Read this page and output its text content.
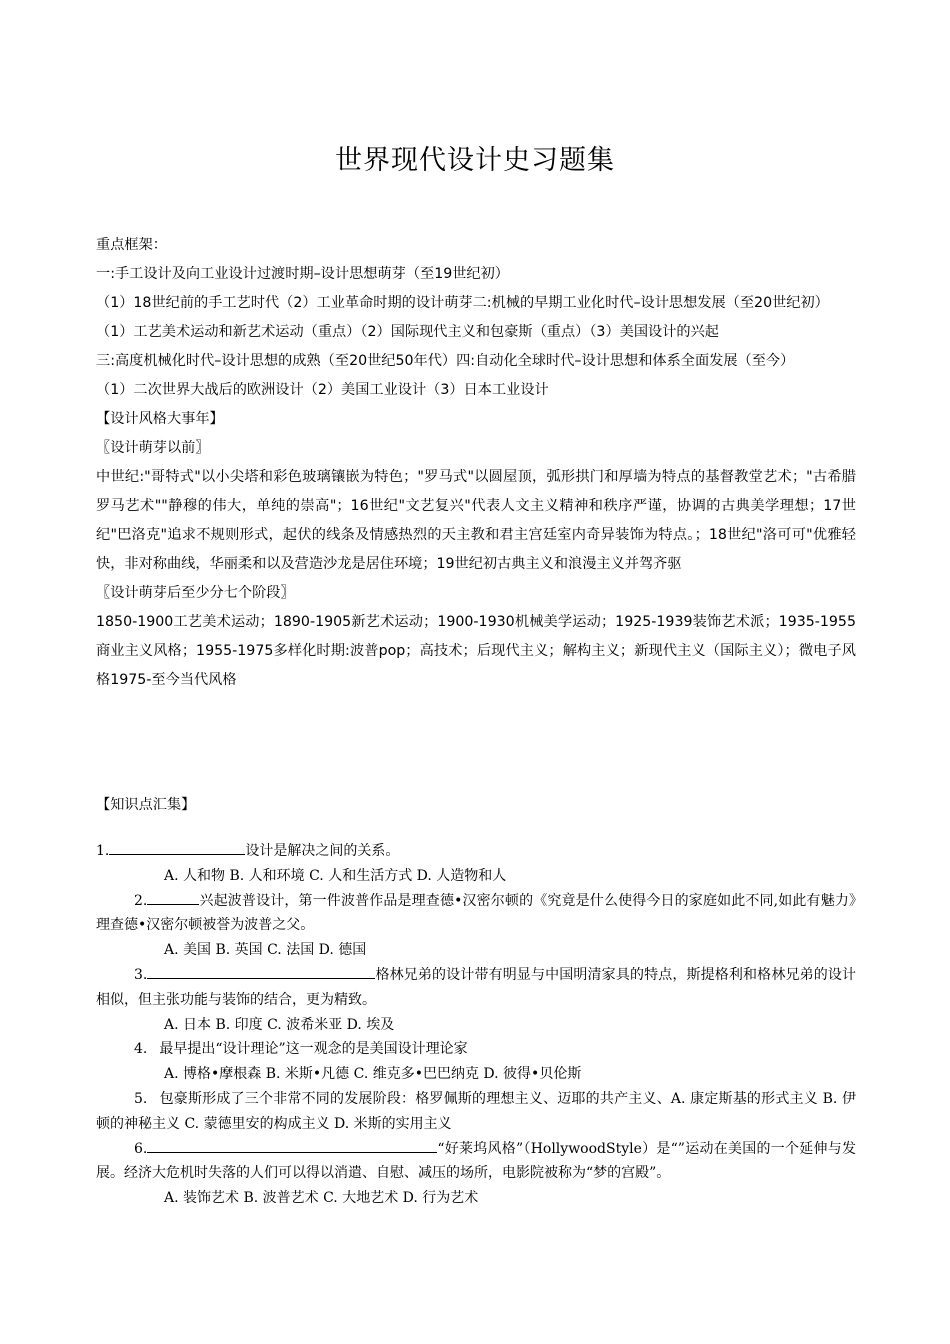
世界现代设计史习题集

重点框架：

一:手工设计及向工业设计过渡时期–设计思想萌芽（至19世纪初）

（1）18世纪前的手工艺时代（2）工业革命时期的设计萌芽二:机械的早期工业化时代–设计思想发展（至20世纪初）

（1）工艺美术运动和新艺术运动（重点）（2）国际现代主义和包豪斯（重点）（3）美国设计的兴起

三:高度机械化时代–设计思想的成熟（至20世纪50年代）四:自动化全球时代–设计思想和体系全面发展（至今）

（1）二次世界大战后的欧洲设计（2）美国工业设计（3）日本工业设计

【设计风格大事年】

〖设计萌芽以前〗

中世纪:"哥特式"以小尖塔和彩色玻璃镶嵌为特色；"罗马式"以圆屋顶，弧形拱门和厚墙为特点的基督教堂艺术；"古希腊罗马艺术""静穆的伟大，单纯的崇高"；16世纪"文艺复兴"代表人文主义精神和秩序严谨，协调的古典美学理想；17世纪"巴洛克"追求不规则形式，起伏的线条及情感热烈的天主教和君主宫廷室内奇异装饰为特点。；18世纪"洛可可"优雅轻快，非对称曲线，华丽柔和以及营造沙龙是居住环境；19世纪初古典主义和浪漫主义并驾齐驱

〖设计萌芽后至少分七个阶段〗

1850-1900工艺美术运动；1890-1905新艺术运动；1900-1930机械美学运动；1925-1939装饰艺术派；1935-1955商业主义风格；1955-1975多样化时期:波普pop；高技术；后现代主义；解构主义；新现代主义（国际主义）；微电子风格1975-至今当代风格

【知识点汇集】

1.	设计是解决之间的关系。

A. 人和物 B. 人和环境 C. 人和生活方式 D. 人造物和人

2.	兴起波普设计，第一件波普作品是理查德•汉密尔顿的《究竟是什么使得今日的家庭如此不同,如此有魅力》理查德•汉密尔顿被誉为波普之父。

A. 美国 B. 英国 C. 法国 D. 德国

3.	格林兄弟的设计带有明显与中国明清家具的特点，斯提格利和格林兄弟的设计相似，但主张功能与装饰的结合，更为精致。

A. 日本 B. 印度 C. 波希米亚 D. 埃及

4. 最早提出“设计理论”这一观念的是美国设计理论家

A. 博格•摩根森 B. 米斯•凡德 C. 维克多•巴巴纳克 D. 彼得•贝伦斯

5. 包豪斯形成了三个非常不同的发展阶段：格罗佩斯的理想主义、迈耶的共产主义、A. 康定斯基的形式主义 B. 伊顿的神秘主义 C. 蒙德里安的构成主义 D. 米斯的实用主义

6.	“好莱坞风格”（HollywoodStyle）是“”运动在美国的一个延伸与发展。经济大危机时失落的人们可以得以消遣、自慰、减压的场所，电影院被称为“梦的宫殿”。

A. 装饰艺术 B. 波普艺术 C. 大地艺术 D. 行为艺术
